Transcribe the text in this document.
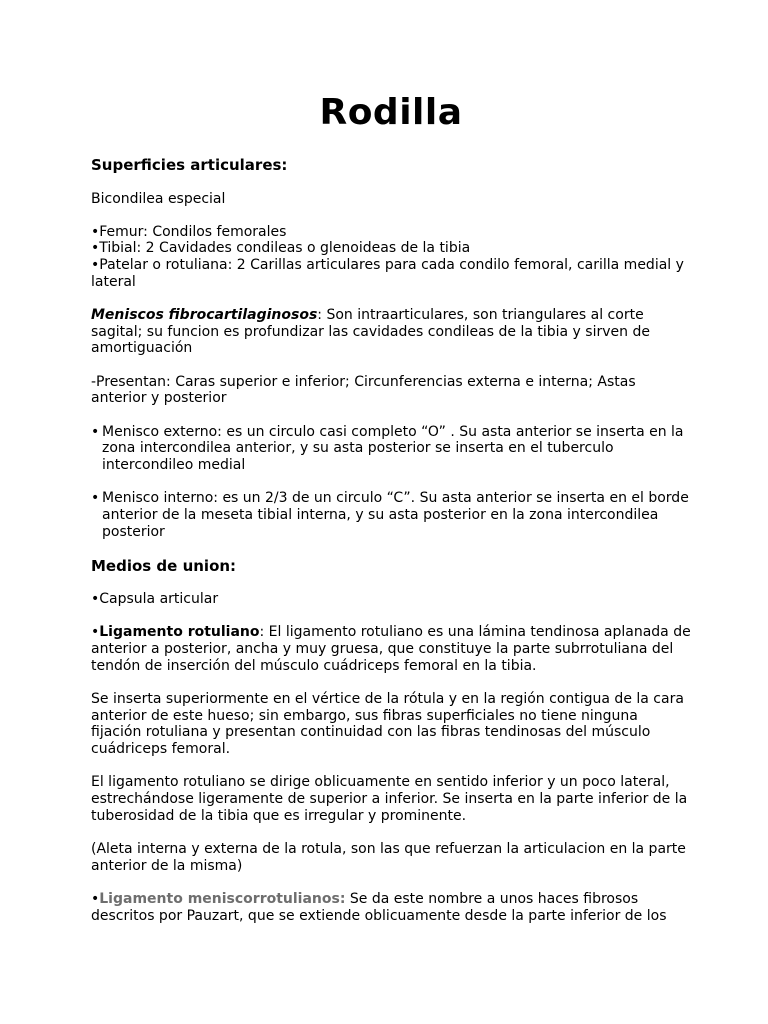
Rodilla
Superficies articulares:

Bicondilea especial

•Femur: Condilos femorales

•Tibial: 2 Cavidades condileas o glenoideas de la tibia

•Patelar o rotuliana: 2 Carillas articulares para cada condilo femoral, carilla medial y lateral

Meniscos fibrocartilaginosos: Son intraarticulares, son triangulares al corte sagital; su funcion es profundizar las cavidades condileas de la tibia y sirven de amortiguación

-Presentan: Caras superior e inferior; Circunferencias externa e interna; Astas anterior y posterior

• Menisco externo: es un circulo casi completo “O” . Su asta anterior se inserta en la zona intercondilea anterior, y su asta posterior se inserta en el tuberculo intercondileo medial
• Menisco interno: es un 2/3 de un circulo “C”. Su asta anterior se inserta en el borde anterior de la meseta tibial interna, y su asta posterior en la zona intercondilea posterior
Medios de union:

•Capsula articular

•Ligamento rotuliano: El ligamento rotuliano es una lámina tendinosa aplanada de anterior a posterior, ancha y muy gruesa, que constituye la parte subrrotuliana del tendón de inserción del músculo cuádriceps femoral en la tibia.

Se inserta superiormente en el vértice de la rótula y en la región contigua de la cara anterior de este hueso; sin embargo, sus fibras superficiales no tiene ninguna fijación rotuliana y presentan continuidad con las fibras tendinosas del músculo cuádriceps femoral.

El ligamento rotuliano se dirige oblicuamente en sentido inferior y un poco lateral, estrechándose ligeramente de superior a inferior. Se inserta en la parte inferior de la tuberosidad de la tibia que es irregular y prominente.

(Aleta interna y externa de la rotula, son las que refuerzan la articulacion en la parte anterior de la misma)

•Ligamento meniscorrotulianos: Se da este nombre a unos haces fibrosos descritos por Pauzart, que se extiende oblicuamente desde la parte inferior de los
